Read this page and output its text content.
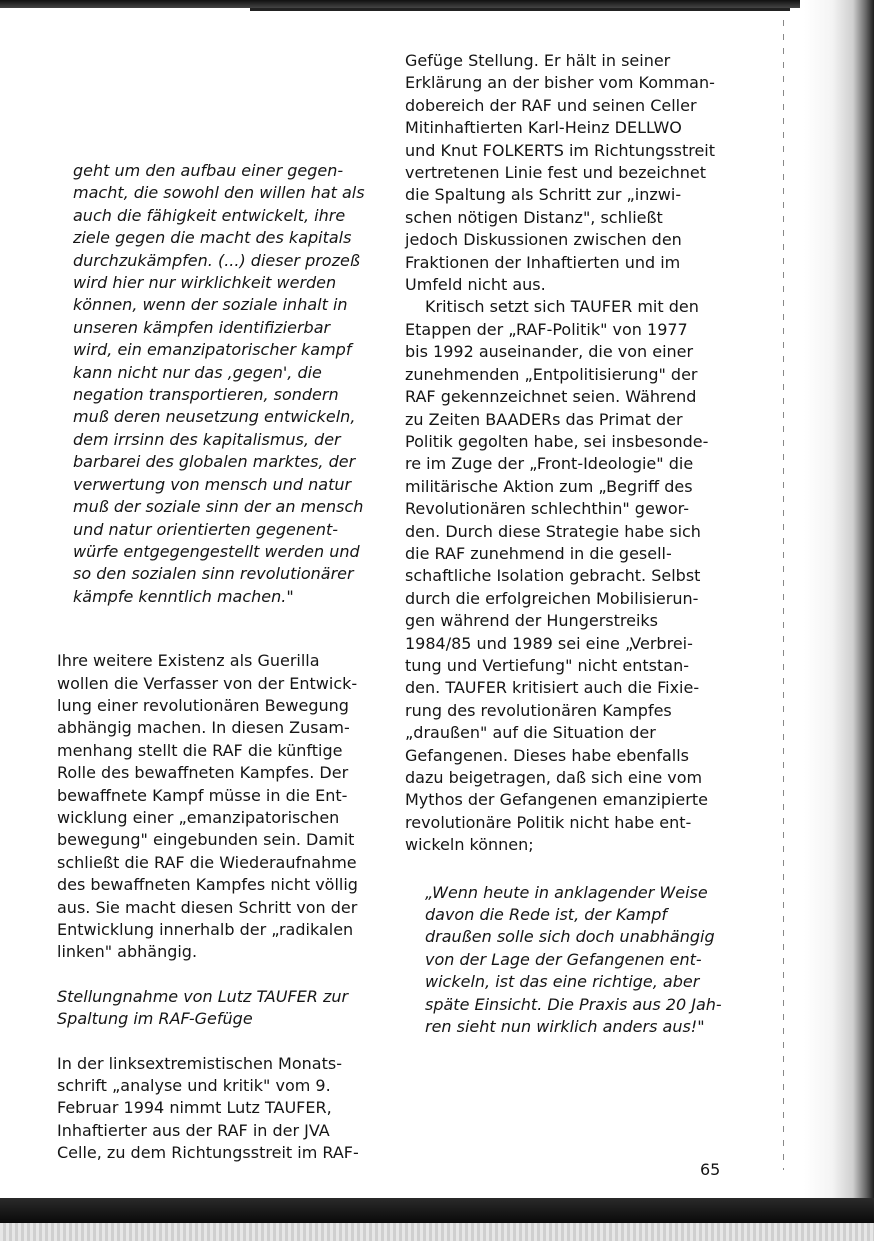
geht um den aufbau einer gegen-
macht, die sowohl den willen hat als
auch die fähigkeit entwickelt, ihre
ziele gegen die macht des kapitals
durchzukämpfen. (...) dieser prozeß
wird hier nur wirklichkeit werden
können, wenn der soziale inhalt in
unseren kämpfen identifizierbar
wird, ein emanzipatorischer kampf
kann nicht nur das ‚gegen', die
negation transportieren, sondern
muß deren neusetzung entwickeln,
dem irrsinn des kapitalismus, der
barbarei des globalen marktes, der
verwertung von mensch und natur
muß der soziale sinn der an mensch
und natur orientierten gegenent-
würfe entgegengestellt werden und
so den sozialen sinn revolutionärer
kämpfe kenntlich machen."
Ihre weitere Existenz als Guerilla
wollen die Verfasser von der Entwick-
lung einer revolutionären Bewegung
abhängig machen. In diesen Zusam-
menhang stellt die RAF die künftige
Rolle des bewaffneten Kampfes. Der
bewaffnete Kampf müsse in die Ent-
wicklung einer „emanzipatorischen
bewegung" eingebunden sein. Damit
schließt die RAF die Wiederaufnahme
des bewaffneten Kampfes nicht völlig
aus. Sie macht diesen Schritt von der
Entwicklung innerhalb der „radikalen
linken" abhängig.
Stellungnahme von Lutz TAUFER zur
Spaltung im RAF-Gefüge
In der linksextremistischen Monats-
schrift „analyse und kritik" vom 9.
Februar 1994 nimmt Lutz TAUFER,
Inhaftierter aus der RAF in der JVA
Celle, zu dem Richtungsstreit im RAF-
Gefüge Stellung. Er hält in seiner
Erklärung an der bisher vom Komman-
dobereich der RAF und seinen Celler
Mitinhaftierten Karl-Heinz DELLWO
und Knut FOLKERTS im Richtungsstreit
vertretenen Linie fest und bezeichnet
die Spaltung als Schritt zur „inzwi-
schen nötigen Distanz", schließt
jedoch Diskussionen zwischen den
Fraktionen der Inhaftierten und im
Umfeld nicht aus.
Kritisch setzt sich TAUFER mit den
Etappen der „RAF-Politik" von 1977
bis 1992 auseinander, die von einer
zunehmenden „Entpolitisierung" der
RAF gekennzeichnet seien. Während
zu Zeiten BAADERs das Primat der
Politik gegolten habe, sei insbesonde-
re im Zuge der „Front-Ideologie" die
militärische Aktion zum „Begriff des
Revolutionären schlechthin" gewor-
den. Durch diese Strategie habe sich
die RAF zunehmend in die gesell-
schaftliche Isolation gebracht. Selbst
durch die erfolgreichen Mobilisierun-
gen während der Hungerstreiks
1984/85 und 1989 sei eine „Verbrei-
tung und Vertiefung" nicht entstan-
den. TAUFER kritisiert auch die Fixie-
rung des revolutionären Kampfes
„draußen" auf die Situation der
Gefangenen. Dieses habe ebenfalls
dazu beigetragen, daß sich eine vom
Mythos der Gefangenen emanzipierte
revolutionäre Politik nicht habe ent-
wickeln können;
„Wenn heute in anklagender Weise
davon die Rede ist, der Kampf
draußen solle sich doch unabhängig
von der Lage der Gefangenen ent-
wickeln, ist das eine richtige, aber
späte Einsicht. Die Praxis aus 20 Jah-
ren sieht nun wirklich anders aus!"
65
